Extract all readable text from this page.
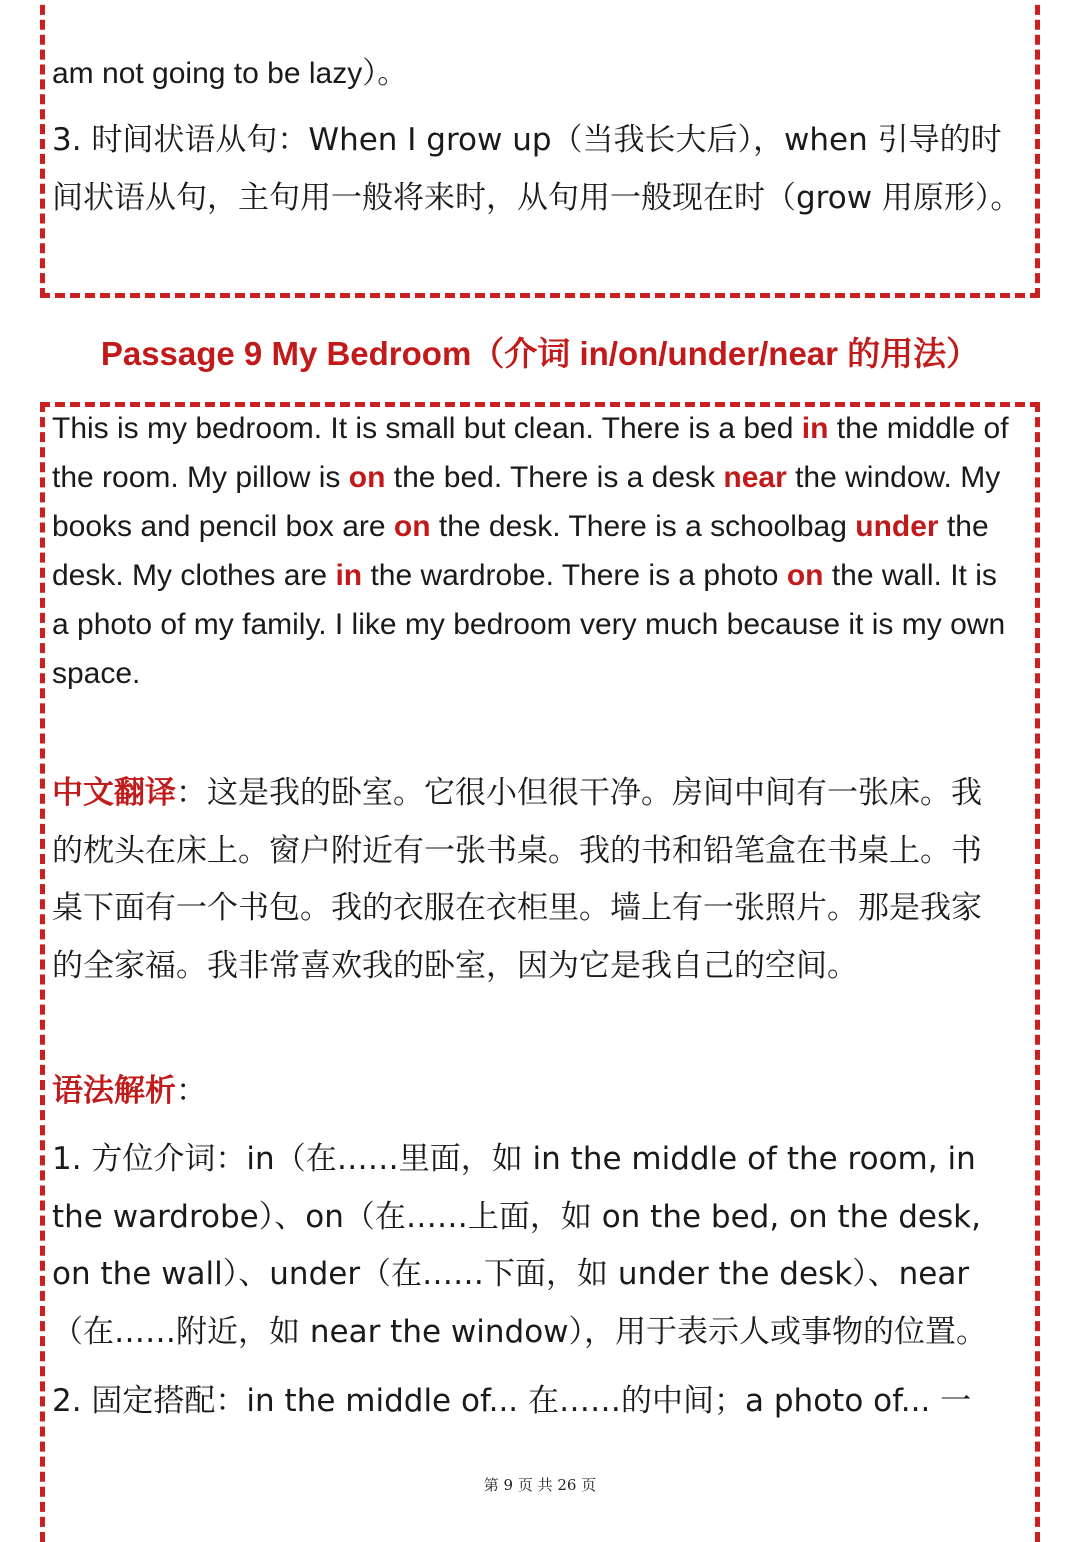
am not going to be lazy）。

3. 时间状语从句：When I grow up（当我长大后），when 引导的时间状语从句，主句用一般将来时，从句用一般现在时（grow 用原形）。

Passage 9 My Bedroom（介词 in/on/under/near 的用法）

This is my bedroom. It is small but clean. There is a bed in the middle of the room. My pillow is on the bed. There is a desk near the window. My books and pencil box are on the desk. There is a schoolbag under the desk. My clothes are in the wardrobe. There is a photo on the wall. It is a photo of my family. I like my bedroom very much because it is my own space.

中文翻译：这是我的卧室。它很小但很干净。房间中间有一张床。我的枕头在床上。窗户附近有一张书桌。我的书和铅笔盒在书桌上。书桌下面有一个书包。我的衣服在衣柜里。墙上有一张照片。那是我家的全家福。我非常喜欢我的卧室，因为它是我自己的空间。

语法解析：

1. 方位介词：in（在……里面，如 in the middle of the room, in the wardrobe）、on（在……上面，如 on the bed, on the desk, on the wall）、under（在……下面，如 under the desk）、near（在……附近，如 near the window），用于表示人或事物的位置。

2. 固定搭配：in the middle of... 在……的中间；a photo of... 一

第 9 页 共 26 页
